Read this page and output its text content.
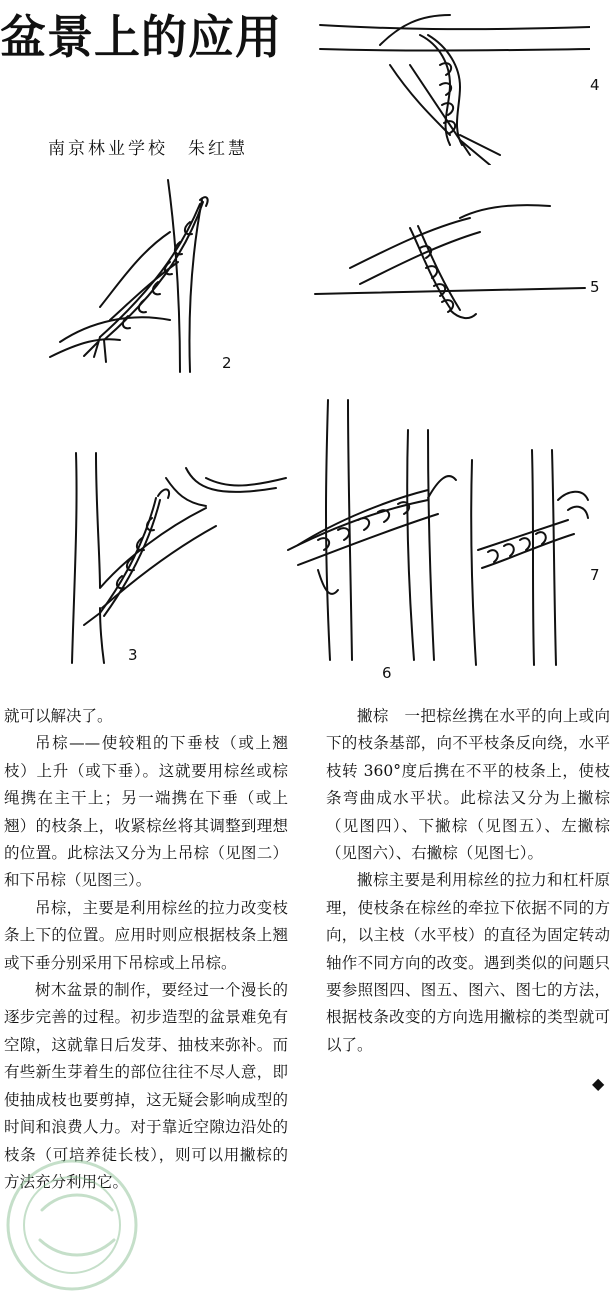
盆景上的应用
南京林业学校　朱红慧
2
3
4
5
6
7

就可以解决了。

吊棕——使较粗的下垂枝（或上翘枝）上升（或下垂）。这就要用棕丝或棕绳携在主干上；另一端携在下垂（或上翘）的枝条上，收紧棕丝将其调整到理想的位置。此棕法又分为上吊棕（见图二）和下吊棕（见图三）。

吊棕，主要是利用棕丝的拉力改变枝条上下的位置。应用时则应根据枝条上翘或下垂分别采用下吊棕或上吊棕。

树木盆景的制作，要经过一个漫长的逐步完善的过程。初步造型的盆景难免有空隙，这就靠日后发芽、抽枝来弥补。而有些新生芽着生的部位往往不尽人意，即使抽成枝也要剪掉，这无疑会影响成型的时间和浪费人力。对于靠近空隙边沿处的枝条（可培养徒长枝），则可以用撇棕的方法充分利用它。

撇棕　一把棕丝携在水平的向上或向下的枝条基部，向不平枝条反向绕，水平枝转 360°度后携在不平的枝条上，使枝条弯曲成水平状。此棕法又分为上撇棕（见图四）、下撇棕（见图五）、左撇棕（见图六）、右撇棕（见图七）。

撇棕主要是利用棕丝的拉力和杠杆原理，使枝条在棕丝的牵拉下依据不同的方向，以主枝（水平枝）的直径为固定转动轴作不同方向的改变。遇到类似的问题只要参照图四、图五、图六、图七的方法，根据枝条改变的方向选用撇棕的类型就可以了。

◆
